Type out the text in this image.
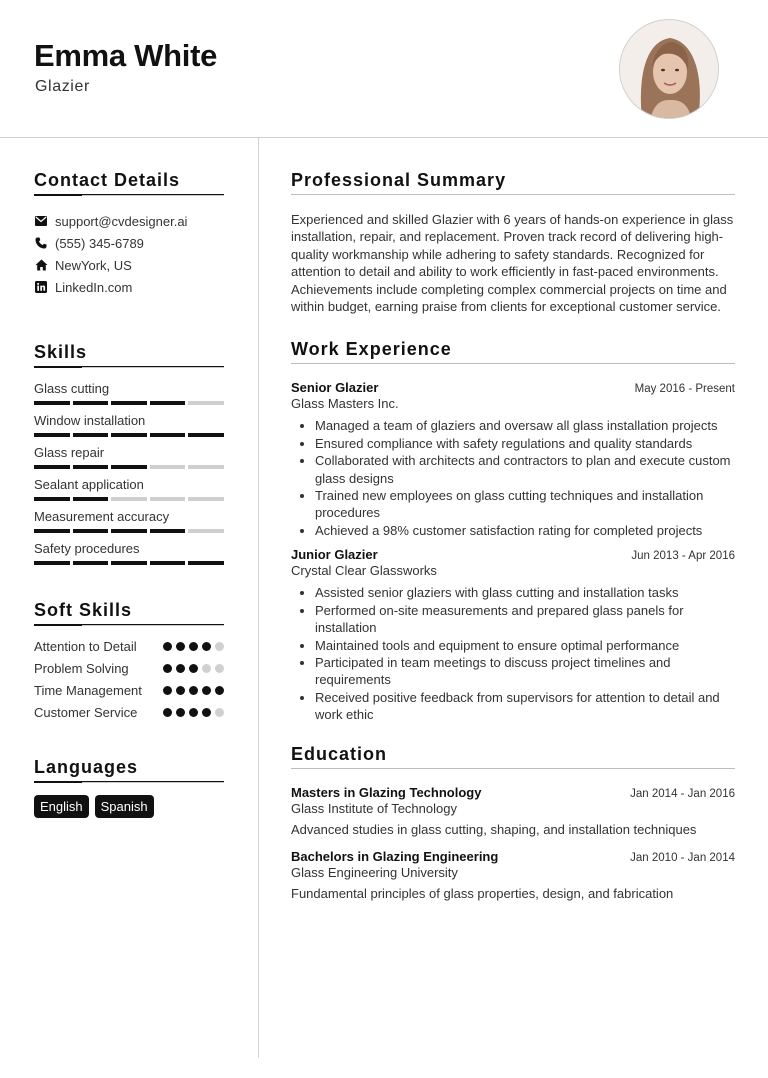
Emma White
Glazier
Contact Details
support@cvdesigner.ai
(555) 345-6789
NewYork, US
LinkedIn.com
Skills
Glass cutting
Window installation
Glass repair
Sealant application
Measurement accuracy
Safety procedures
Soft Skills
Attention to Detail
Problem Solving
Time Management
Customer Service
Languages
English	Spanish
Professional Summary
Experienced and skilled Glazier with 6 years of hands-on experience in glass installation, repair, and replacement. Proven track record of delivering high-quality workmanship while adhering to safety standards. Recognized for attention to detail and ability to work efficiently in fast-paced environments. Achievements include completing complex commercial projects on time and within budget, earning praise from clients for exceptional customer service.
Work Experience
Senior Glazier	May 2016 - Present
Glass Masters Inc.
• Managed a team of glaziers and oversaw all glass installation projects
• Ensured compliance with safety regulations and quality standards
• Collaborated with architects and contractors to plan and execute custom glass designs
• Trained new employees on glass cutting techniques and installation procedures
• Achieved a 98% customer satisfaction rating for completed projects
Junior Glazier	Jun 2013 - Apr 2016
Crystal Clear Glassworks
• Assisted senior glaziers with glass cutting and installation tasks
• Performed on-site measurements and prepared glass panels for installation
• Maintained tools and equipment to ensure optimal performance
• Participated in team meetings to discuss project timelines and requirements
• Received positive feedback from supervisors for attention to detail and work ethic
Education
Masters in Glazing Technology	Jan 2014 - Jan 2016
Glass Institute of Technology
Advanced studies in glass cutting, shaping, and installation techniques
Bachelors in Glazing Engineering	Jan 2010 - Jan 2014
Glass Engineering University
Fundamental principles of glass properties, design, and fabrication
